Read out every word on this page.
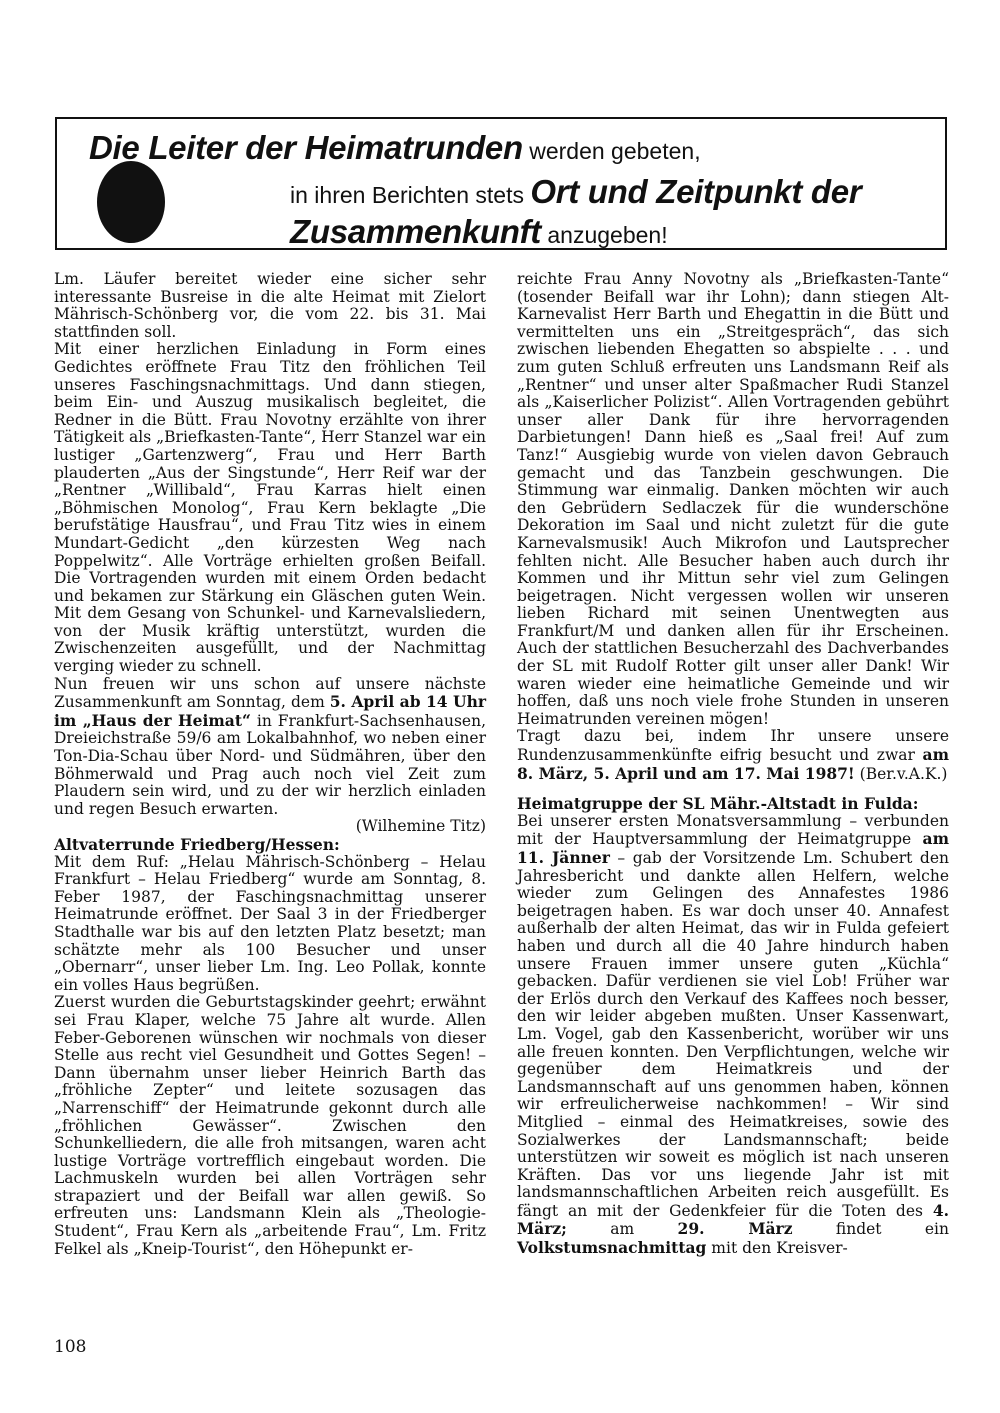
Die Leiter der Heimatrunden werden gebeten,
in ihren Berichten stets Ort und Zeitpunkt der
Zusammenkunft anzugeben!

Lm. Läufer bereitet wieder eine sicher sehr interessante Busreise in die alte Heimat mit Zielort Mährisch-Schönberg vor, die vom 22. bis 31. Mai stattfinden soll.

Mit einer herzlichen Einladung in Form eines Gedichtes eröffnete Frau Titz den fröhlichen Teil unseres Faschingsnachmittags. Und dann stiegen, beim Ein- und Auszug musikalisch begleitet, die Redner in die Bütt. Frau Novotny erzählte von ihrer Tätigkeit als „Briefkasten-Tante“, Herr Stanzel war ein lustiger „Gartenzwerg“, Frau und Herr Barth plauderten „Aus der Singstunde“, Herr Reif war der „Rentner „Willibald“, Frau Karras hielt einen „Böhmischen Monolog“, Frau Kern beklagte „Die berufstätige Hausfrau“, und Frau Titz wies in einem Mundart-Gedicht „den kürzesten Weg nach Poppelwitz“. Alle Vorträge erhielten großen Beifall. Die Vortragenden wurden mit einem Orden bedacht und bekamen zur Stärkung ein Gläschen guten Wein. Mit dem Gesang von Schunkel- und Karnevalsliedern, von der Musik kräftig unterstützt, wurden die Zwischenzeiten ausgefüllt, und der Nachmittag verging wieder zu schnell.

Nun freuen wir uns schon auf unsere nächste Zusammenkunft am Sonntag, dem 5. April ab 14 Uhr im „Haus der Heimat“ in Frankfurt-Sachsenhausen, Dreieichstraße 59/6 am Lokalbahnhof, wo neben einer Ton-Dia-Schau über Nord- und Südmähren, über den Böhmerwald und Prag auch noch viel Zeit zum Plaudern sein wird, und zu der wir herzlich einladen und regen Besuch erwarten.

(Wilhemine Titz)

Altvaterrunde Friedberg/Hessen:

Mit dem Ruf: „Helau Mährisch-Schönberg – Helau Frankfurt – Helau Friedberg“ wurde am Sonntag, 8. Feber 1987, der Faschingsnachmittag unserer Heimatrunde eröffnet. Der Saal 3 in der Friedberger Stadthalle war bis auf den letzten Platz besetzt; man schätzte mehr als 100 Besucher und unser „Obernarr“, unser lieber Lm. Ing. Leo Pollak, konnte ein volles Haus begrüßen.

Zuerst wurden die Geburtstagskinder geehrt; erwähnt sei Frau Klaper, welche 75 Jahre alt wurde. Allen Feber-Geborenen wünschen wir nochmals von dieser Stelle aus recht viel Gesundheit und Gottes Segen! – Dann übernahm unser lieber Heinrich Barth das „fröhliche Zepter“ und leitete sozusagen das „Narrenschiff“ der Heimatrunde gekonnt durch alle „fröhlichen Gewässer“. Zwischen den Schunkelliedern, die alle froh mitsangen, waren acht lustige Vorträge vortrefflich eingebaut worden. Die Lachmuskeln wurden bei allen Vorträgen sehr strapaziert und der Beifall war allen gewiß. So erfreuten uns: Landsmann Klein als „Theologie-Student“, Frau Kern als „arbeitende Frau“, Lm. Fritz Felkel als „Kneip-Tourist“, den Höhepunkt er-

reichte Frau Anny Novotny als „Briefkasten-Tante“ (tosender Beifall war ihr Lohn); dann stiegen Alt-Karnevalist Herr Barth und Ehegattin in die Bütt und vermittelten uns ein „Streitgespräch“, das sich zwischen liebenden Ehegatten so abspielte . . . und zum guten Schluß erfreuten uns Landsmann Reif als „Rentner“ und unser alter Spaßmacher Rudi Stanzel als „Kaiserlicher Polizist“. Allen Vortragenden gebührt unser aller Dank für ihre hervorragenden Darbietungen! Dann hieß es „Saal frei! Auf zum Tanz!“ Ausgiebig wurde von vielen davon Gebrauch gemacht und das Tanzbein geschwungen. Die Stimmung war einmalig. Danken möchten wir auch den Gebrüdern Sedlaczek für die wunderschöne Dekoration im Saal und nicht zuletzt für die gute Karnevalsmusik! Auch Mikrofon und Lautsprecher fehlten nicht. Alle Besucher haben auch durch ihr Kommen und ihr Mittun sehr viel zum Gelingen beigetragen. Nicht vergessen wollen wir unseren lieben Richard mit seinen Unentwegten aus Frankfurt/M und danken allen für ihr Erscheinen. Auch der stattlichen Besucherzahl des Dachverbandes der SL mit Rudolf Rotter gilt unser aller Dank! Wir waren wieder eine heimatliche Gemeinde und wir hoffen, daß uns noch viele frohe Stunden in unseren Heimatrunden vereinen mögen!

Tragt dazu bei, indem Ihr unsere unsere Rundenzusammenkünfte eifrig besucht und zwar am 8. März, 5. April und am 17. Mai 1987! (Ber.v.A.K.)

Heimatgruppe der SL Mähr.-Altstadt in Fulda:

Bei unserer ersten Monatsversammlung – verbunden mit der Hauptversammlung der Heimatgruppe am 11. Jänner – gab der Vorsitzende Lm. Schubert den Jahresbericht und dankte allen Helfern, welche wieder zum Gelingen des Annafestes 1986 beigetragen haben. Es war doch unser 40. Annafest außerhalb der alten Heimat, das wir in Fulda gefeiert haben und durch all die 40 Jahre hindurch haben unsere Frauen immer unsere guten „Küchla“ gebacken. Dafür verdienen sie viel Lob! Früher war der Erlös durch den Verkauf des Kaffees noch besser, den wir leider abgeben mußten. Unser Kassenwart, Lm. Vogel, gab den Kassenbericht, worüber wir uns alle freuen konnten. Den Verpflichtungen, welche wir gegenüber dem Heimatkreis und der Landsmannschaft auf uns genommen haben, können wir erfreulicherweise nachkommen! – Wir sind Mitglied – einmal des Heimatkreises, sowie des Sozialwerkes der Landsmannschaft; beide unterstützen wir soweit es möglich ist nach unseren Kräften. Das vor uns liegende Jahr ist mit landsmannschaftlichen Arbeiten reich ausgefüllt. Es fängt an mit der Gedenkfeier für die Toten des 4. März; am 29. März findet ein Volkstumsnachmittag mit den Kreisver-

108
